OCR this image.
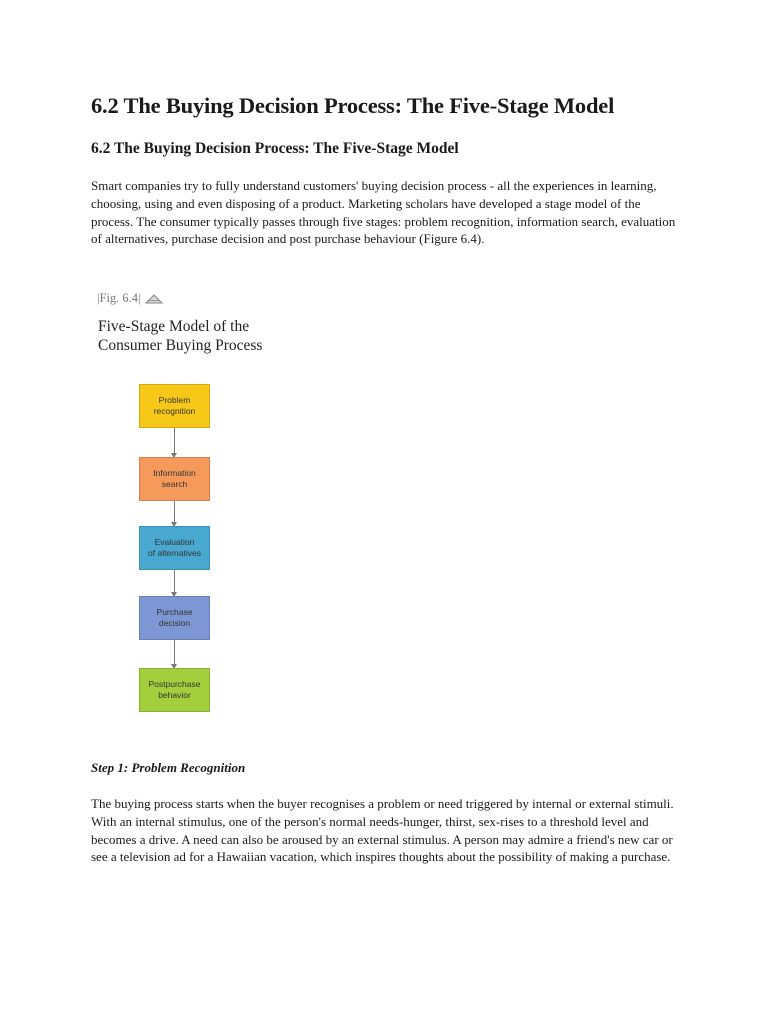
6.2 The Buying Decision Process: The Five-Stage Model
6.2 The Buying Decision Process: The Five-Stage Model

Smart companies try to fully understand customers' buying decision process - all the experiences in learning, choosing, using and even disposing of a product. Marketing scholars have developed a stage model of the process. The consumer typically passes through five stages: problem recognition, information search, evaluation of alternatives, purchase decision and post purchase behaviour (Figure 6.4).

Step 1: Problem Recognition

The buying process starts when the buyer recognises a problem or need triggered by internal or external stimuli. With an internal stimulus, one of the person's normal needs-hunger, thirst, sex-rises to a threshold level and becomes a drive. A need can also be aroused by an external stimulus. A person may admire a friend's new car or see a television ad for a Hawaiian vacation, which inspires thoughts about the possibility of making a purchase.

|Fig. 6.4|

Five-Stage Model of the Consumer Buying Process

Problem
recognition
Information
search
Evaluation
of alternatives
Purchase
decision
Postpurchase
behavior
